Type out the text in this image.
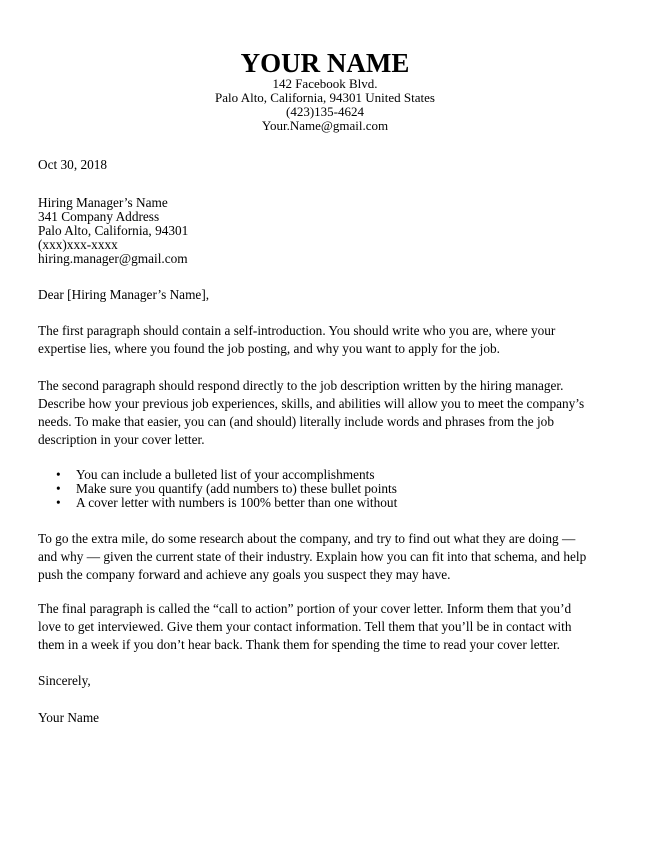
YOUR NAME
142 Facebook Blvd.
Palo Alto, California, 94301 United States
(423)135-4624
Your.Name@gmail.com
Oct 30, 2018
Hiring Manager’s Name
341 Company Address
Palo Alto, California, 94301
(xxx)xxx-xxxx
hiring.manager@gmail.com
Dear [Hiring Manager’s Name],
The first paragraph should contain a self-introduction. You should write who you are, where your
expertise lies, where you found the job posting, and why you want to apply for the job.
The second paragraph should respond directly to the job description written by the hiring manager.
Describe how your previous job experiences, skills, and abilities will allow you to meet the company’s
needs. To make that easier, you can (and should) literally include words and phrases from the job
description in your cover letter.
• You can include a bulleted list of your accomplishments
• Make sure you quantify (add numbers to) these bullet points
• A cover letter with numbers is 100% better than one without
To go the extra mile, do some research about the company, and try to find out what they are doing —
and why — given the current state of their industry. Explain how you can fit into that schema, and help
push the company forward and achieve any goals you suspect they may have.
The final paragraph is called the “call to action” portion of your cover letter. Inform them that you’d
love to get interviewed. Give them your contact information. Tell them that you’ll be in contact with
them in a week if you don’t hear back. Thank them for spending the time to read your cover letter.
Sincerely,
Your Name
